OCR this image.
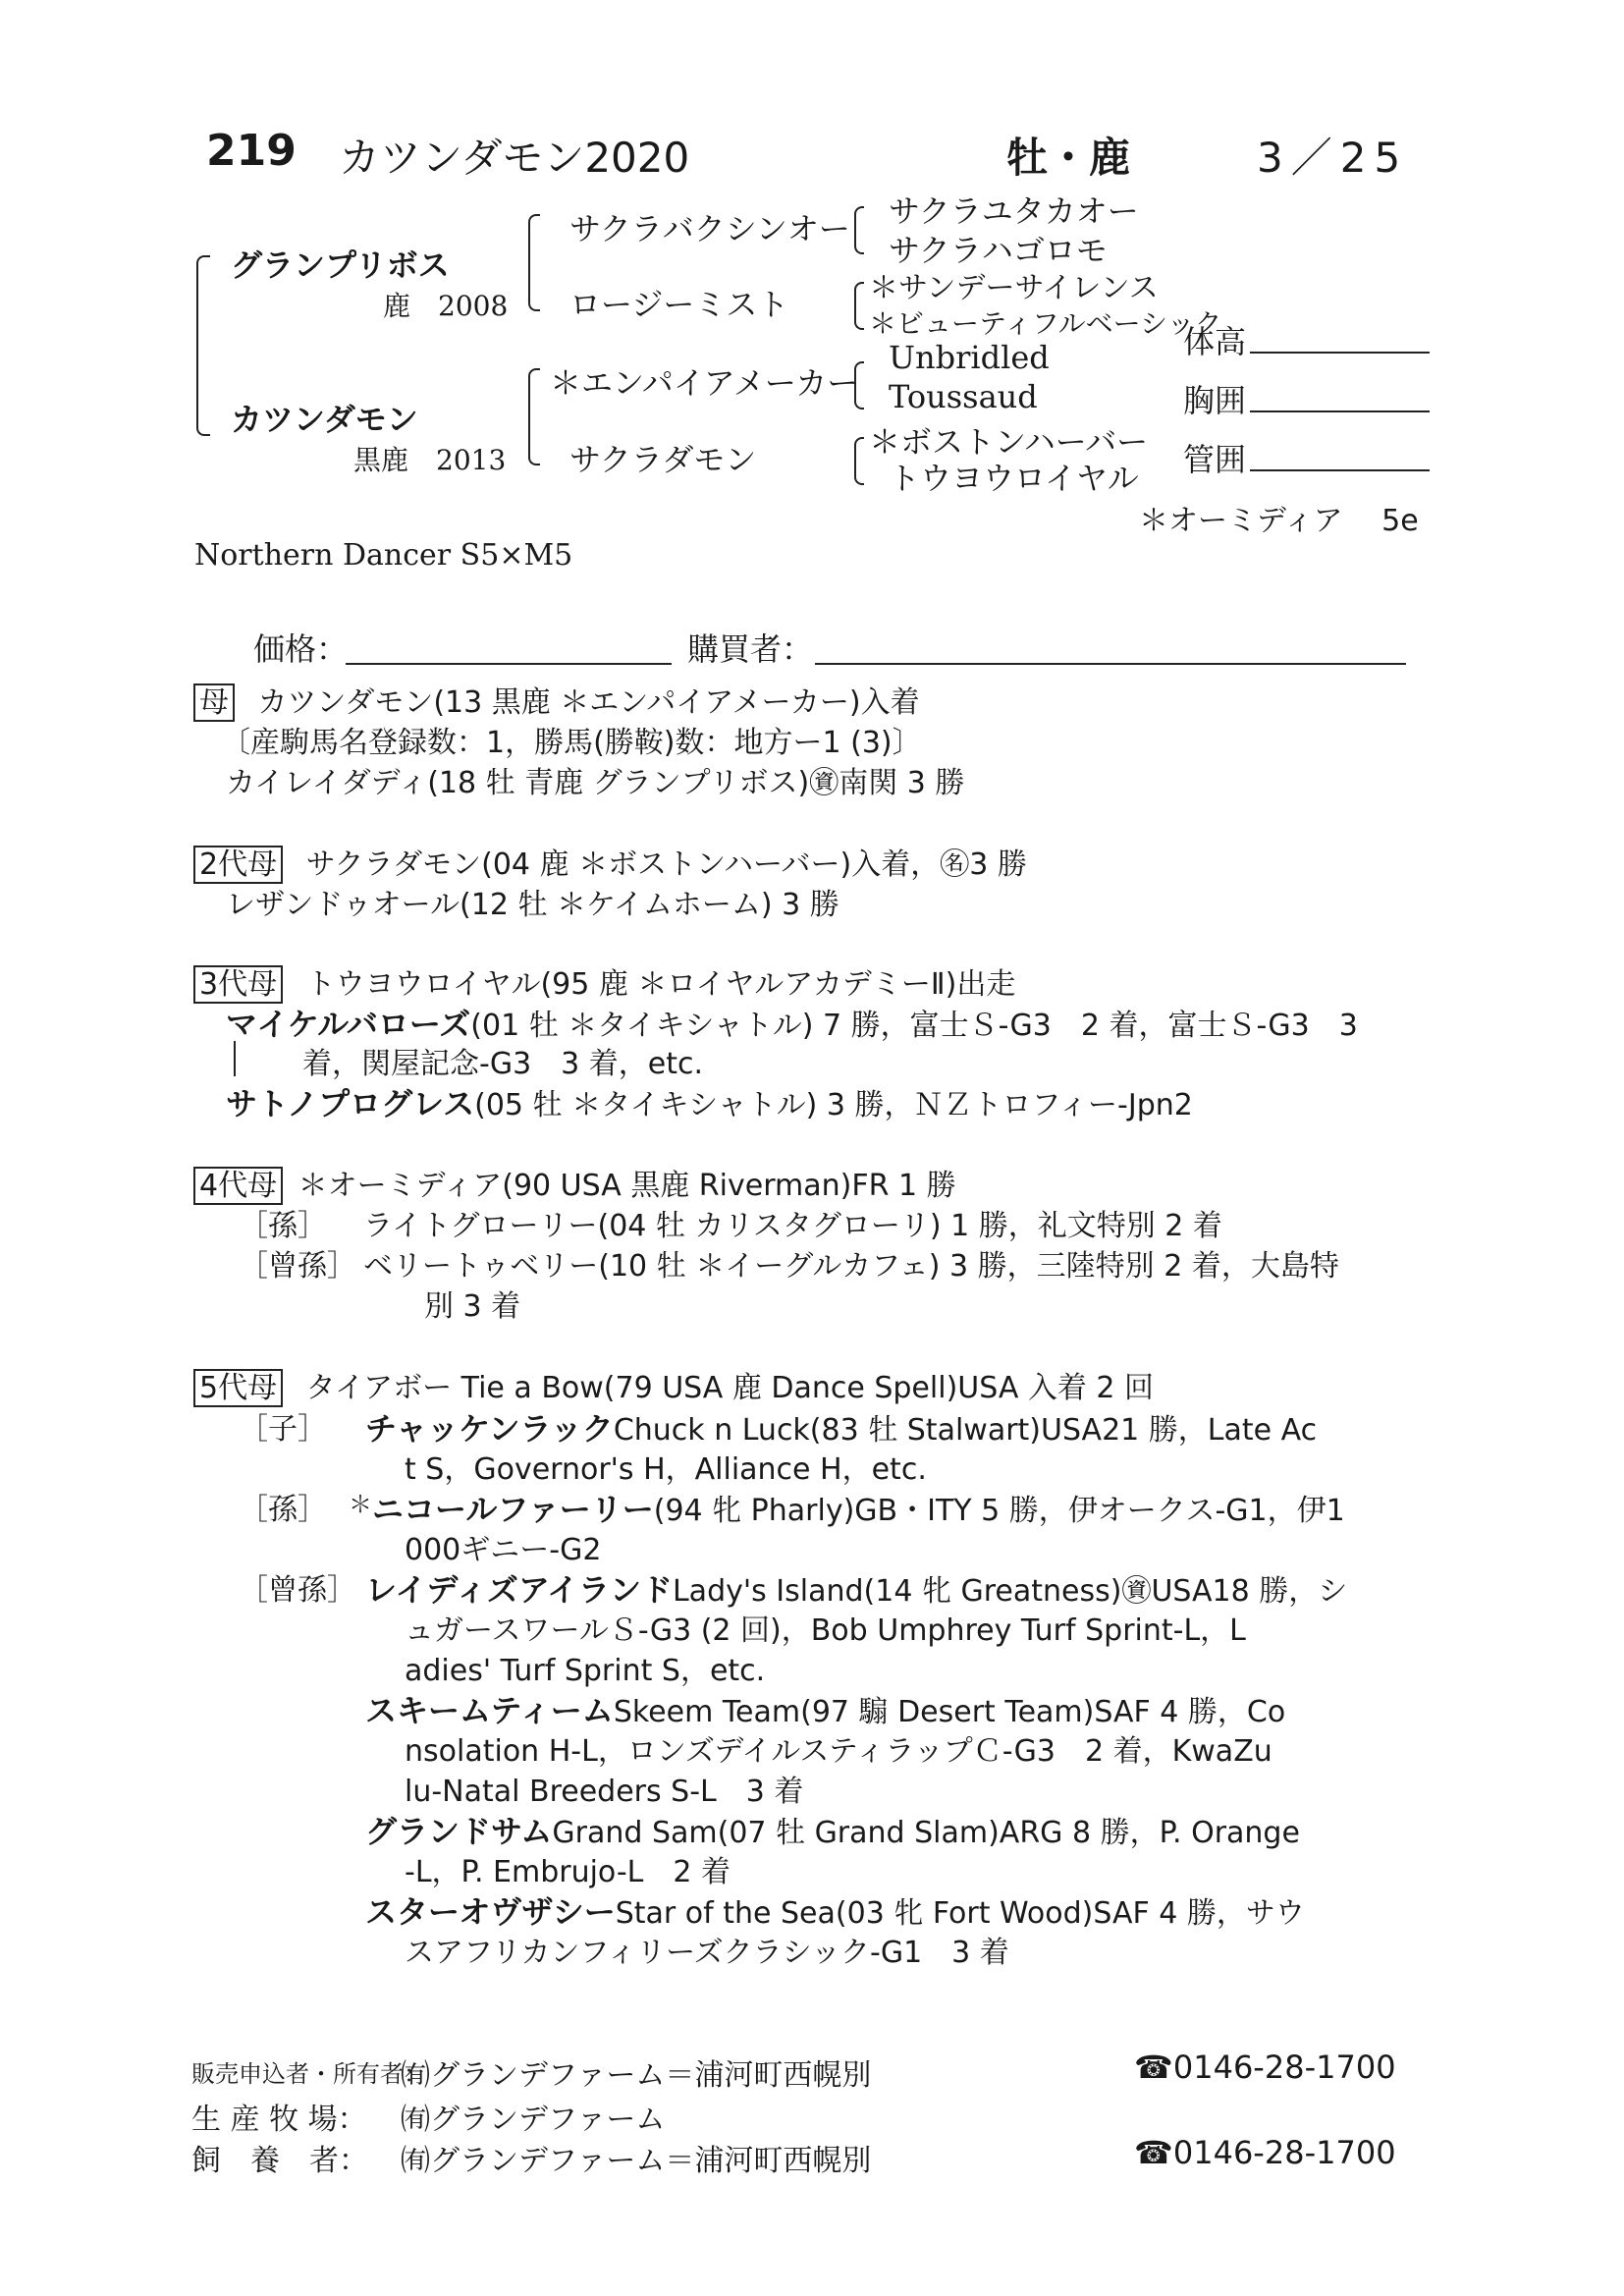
219 カツンダモン2020	牡・鹿	3／25
グランプリボス
鹿　2008
カツンダモン
黒鹿　2013
サクラバクシンオー
ロージーミスト
＊エンパイアメーカー
サクラダモン
サクラユタカオー
サクラハゴロモ
＊サンデーサイレンス
＊ビューティフルベーシック
Unbridled
Toussaud
＊ボストンハーバー
トウヨウロイヤル
体高
胸囲
管囲
＊オーミディア　 5e
Northern Dancer S5×M5
価格：	購買者：
母 カツンダモン(13 黒鹿 ＊エンパイアメーカー)入着
〔産駒馬名登録数：1，勝馬(勝鞍)数：地方ー1 (3)〕
カイレイダディ(18 牡 青鹿 グランプリボス)㊮南関 3 勝
2代母 サクラダモン(04 鹿 ＊ボストンハーバー)入着，㊔3 勝
レザンドゥオール(12 牡 ＊ケイムホーム) 3 勝
3代母 トウヨウロイヤル(95 鹿 ＊ロイヤルアカデミーⅡ)出走
マイケルバローズ(01 牡 ＊タイキシャトル) 7 勝，富士Ｓ-G3　2 着，富士Ｓ-G3　3
着，関屋記念-G3　3 着，etc.
サトノプログレス(05 牡 ＊タイキシャトル) 3 勝，ＮＺトロフィー-Jpn2
4代母 ＊オーミディア(90 USA 黒鹿 Riverman)FR 1 勝
［孫］ ライトグローリー(04 牡 カリスタグローリ) 1 勝，礼文特別 2 着
［曾孫］ ベリートゥベリー(10 牡 ＊イーグルカフェ) 3 勝，三陸特別 2 着，大島特
別 3 着
5代母 タイアボー Tie a Bow(79 USA 鹿 Dance Spell)USA 入着 2 回
［子］ チャッケンラックChuck n Luck(83 牡 Stalwart)USA21 勝，Late Ac
t S，Governor's H，Alliance H，etc.
［孫］ ＊ニコールファーリー(94 牝 Pharly)GB・ITY 5 勝，伊オークス-G1，伊1
000ギニー-G2
［曾孫］ レイディズアイランドLady's Island(14 牝 Greatness)㊮USA18 勝，シ
ュガースワールＳ-G3 (2 回)，Bob Umphrey Turf Sprint-L，L
adies' Turf Sprint S，etc.
スキームティームSkeem Team(97 騸 Desert Team)SAF 4 勝，Co
nsolation H-L，ロンズデイルスティラップＣ-G3　2 着，KwaZu
lu-Natal Breeders S-L　3 着
グランドサムGrand Sam(07 牡 Grand Slam)ARG 8 勝，P. Orange
-L，P. Embrujo-L　2 着
スターオヴザシーStar of the Sea(03 牝 Fort Wood)SAF 4 勝，サウ
スアフリカンフィリーズクラシック-G1　3 着
販売申込者・所有者：
㈲グランデファーム＝浦河町西幌別	☎0146-28-1700
生 産 牧 場： ㈲グランデファーム
飼　養　者： ㈲グランデファーム＝浦河町西幌別	☎0146-28-1700
